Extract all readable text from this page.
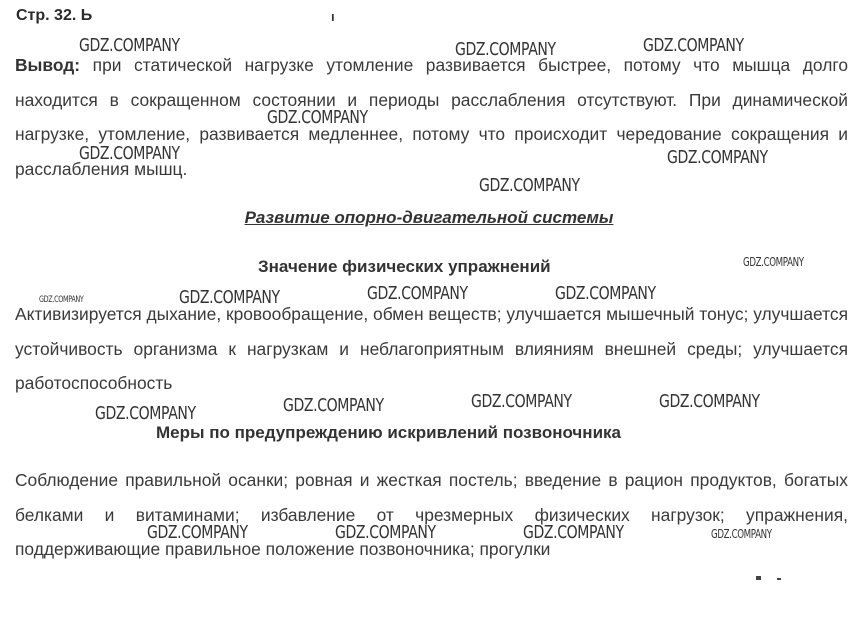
Стр. 32. Ь	ı

Вывод: при статической нагрузке утомление развивается быстрее, потому что мышца долго находится в сокращенном состоянии и периоды расслабления отсутствуют. При динамической нагрузке, утомление, развивается медленнее, потому что происходит чередование сокращения и расслабления мышц.

Развитие опорно-двигательной системы
Значение физических упражнений

Активизируется дыхание, кровообращение, обмен веществ; улучшается мышечный тонус; улучшается устойчивость организма к нагрузкам и неблагоприятным влияниям внешней среды; улучшается работоспособность

Меры по предупреждению искривлений позвоночника

Соблюдение правильной осанки; ровная и жесткая постель; введение в рацион продуктов, богатых белками и витаминами; избавление от чрезмерных физических нагрузок; упражнения, поддерживающие правильное положение позвоночника; прогулки

GDZ.COMPANY	GDZ.COMPANY	GDZ.COMPANY
GDZ.COMPANY
GDZ.COMPANY	GDZ.COMPANY
GDZ.COMPANY
GDZ.COMPANY
GDZ.COMPANY	GDZ.COMPANY	GDZ.COMPANY	GDZ.COMPANY
GDZ.COMPANY	GDZ.COMPANY	GDZ.COMPANY	GDZ.COMPANY
GDZ.COMPANY	GDZ.COMPANY	GDZ.COMPANY	GDZ.COMPANY
